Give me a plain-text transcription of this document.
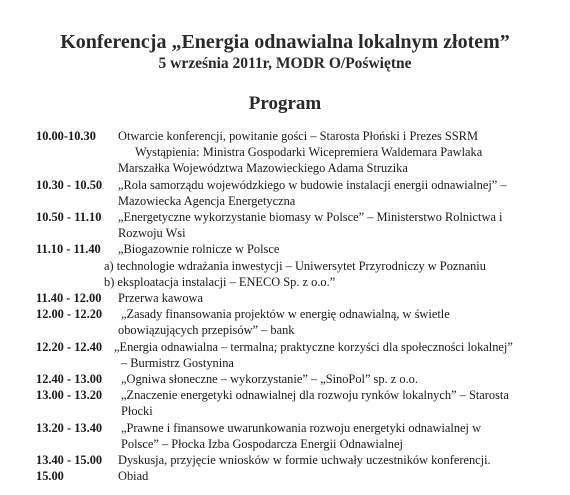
Konferencja „Energia odnawialna lokalnym złotem”
5 września 2011r, MODR O/Poświętne
Program
10.00-10.30	Otwarcie konferencji, powitanie gości – Starosta Płoński i Prezes SSRM
Wystąpienia: Ministra Gospodarki Wicepremiera Waldemara Pawlaka
Marszałka Województwa Mazowieckiego Adama Struzika
10.30 - 10.50	„Rola samorządu wojewódzkiego w budowie instalacji energii odnawialnej” –
Mazowiecka Agencja Energetyczna
10.50 - 11.10	„Energetyczne wykorzystanie biomasy w Polsce” – Ministerstwo Rolnictwa i
Rozwoju Wsi
11.10 - 11.40	„Biogazownie rolnicze w Polsce
a) technologie wdrażania inwestycji – Uniwersytet Przyrodniczy w Poznaniu
b) eksploatacja instalacji – ENECO Sp. z o.o.”
11.40 - 12.00	Przerwa kawowa
12.00 - 12.20	„Zasady finansowania projektów w energię odnawialną, w świetle
obowiązujących przepisów” – bank
12.20 - 12.40 „Energia odnawialna – termalna; praktyczne korzyści dla społeczności lokalnej”
– Burmistrz Gostynina
12.40 - 13.00	„Ogniwa słoneczne – wykorzystanie” – „SinoPol” sp. z o.o.
13.00 - 13.20	„Znaczenie energetyki odnawialnej dla rozwoju rynków lokalnych” – Starosta
Płocki
13.20 - 13.40	„Prawne i finansowe uwarunkowania rozwoju energetyki odnawialnej w
Polsce” – Płocka Izba Gospodarcza Energii Odnawialnej
13.40 - 15.00	Dyskusja, przyjęcie wniosków w formie uchwały uczestników konferencji.
15.00	Obiad
